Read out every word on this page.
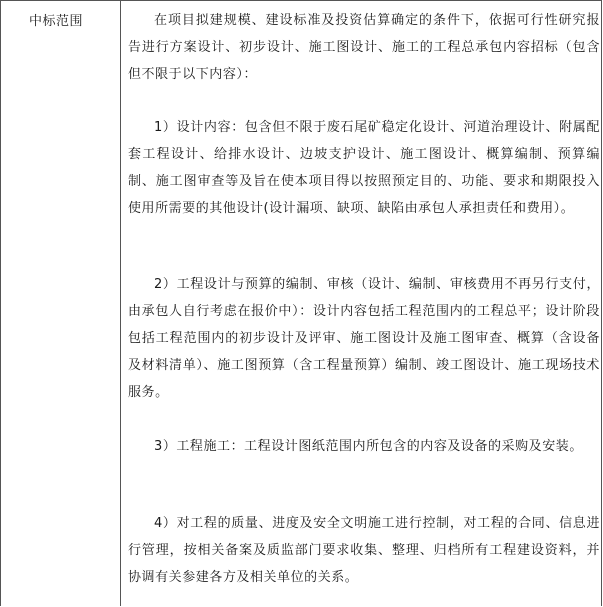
中标范围	在项目拟建规模、建设标准及投资估算确定的条件下，依据可行性研究报告进行方案设计、初步设计、施工图设计、施工的工程总承包内容招标（包含但不限于以下内容）：

1）设计内容：包含但不限于废石尾矿稳定化设计、河道治理设计、附属配套工程设计、给排水设计、边坡支护设计、施工图设计、概算编制、预算编制、施工图审查等及旨在使本项目得以按照预定目的、功能、要求和期限投入使用所需要的其他设计(设计漏项、缺项、缺陷由承包人承担责任和费用）。

2）工程设计与预算的编制、审核（设计、编制、审核费用不再另行支付，由承包人自行考虑在报价中）：设计内容包括工程范围内的工程总平；设计阶段包括工程范围内的初步设计及评审、施工图设计及施工图审查、概算（含设备及材料清单）、施工图预算（含工程量预算）编制、竣工图设计、施工现场技术服务。

3）工程施工：工程设计图纸范围内所包含的内容及设备的采购及安装。

4）对工程的质量、进度及安全文明施工进行控制，对工程的合同、信息进行管理，按相关备案及质监部门要求收集、整理、归档所有工程建设资料，并协调有关参建各方及相关单位的关系。
